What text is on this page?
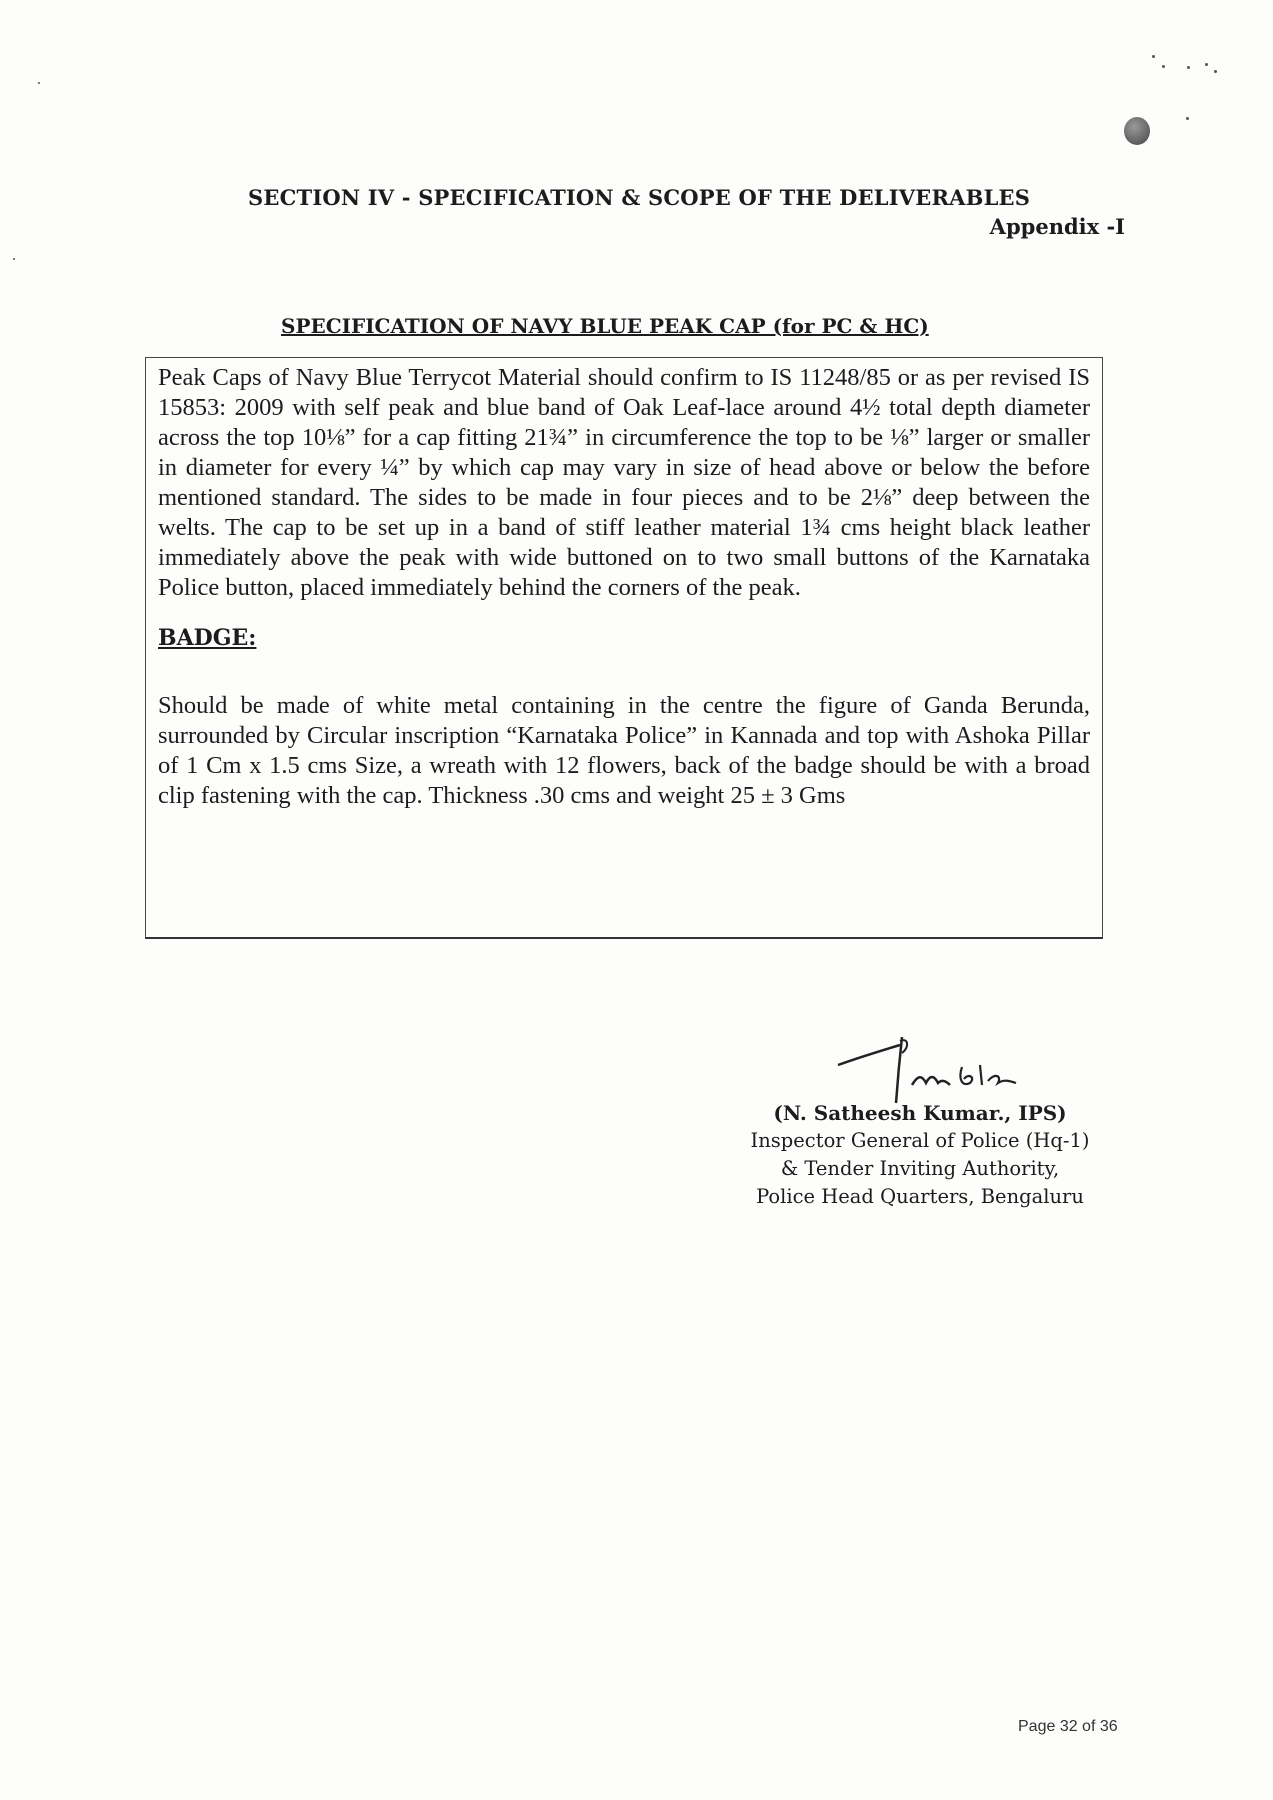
SECTION IV - SPECIFICATION & SCOPE OF THE DELIVERABLES
Appendix -I
SPECIFICATION OF NAVY BLUE PEAK CAP (for PC & HC)

Peak Caps of Navy Blue Terrycot Material should confirm to IS 11248/85 or as per revised IS 15853: 2009 with self peak and blue band of Oak Leaf-lace around 4½ total depth diameter across the top 10⅛” for a cap fitting 21¾” in circumference the top to be ⅛” larger or smaller in diameter for every ¼” by which cap may vary in size of head above or below the before mentioned standard. The sides to be made in four pieces and to be 2⅛” deep between the welts. The cap to be set up in a band of stiff leather material 1¾ cms height black leather immediately above the peak with wide buttoned on to two small buttons of the Karnataka Police button, placed immediately behind the corners of the peak.

BADGE:

Should be made of white metal containing in the centre the figure of Ganda Berunda, surrounded by Circular inscription “Karnataka Police” in Kannada and top with Ashoka Pillar of 1 Cm x 1.5 cms Size, a wreath with 12 flowers, back of the badge should be with a broad clip fastening with the cap. Thickness .30 cms and weight 25 ± 3 Gms

(N. Satheesh Kumar., IPS)
Inspector General of Police (Hq-1)
& Tender Inviting Authority,
Police Head Quarters, Bengaluru
Page 32 of 36
